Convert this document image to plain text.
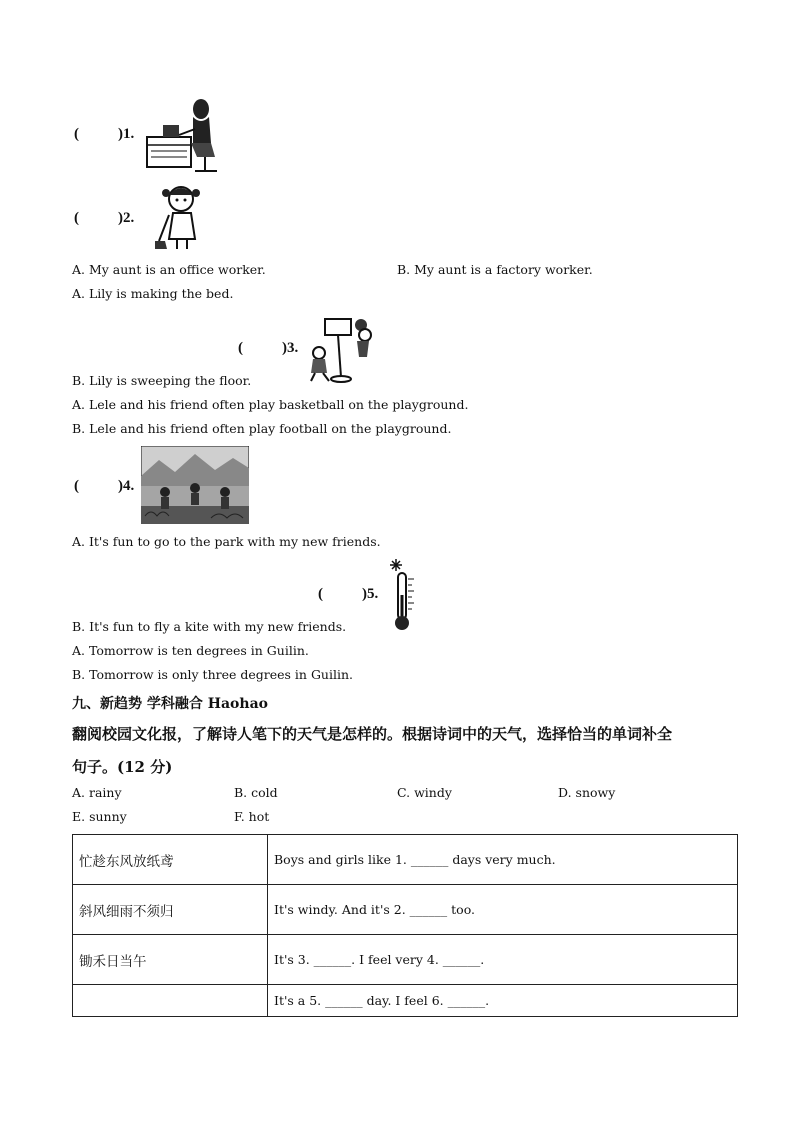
(	)1.
(	)2.
A. My aunt is an office worker.	B. My aunt is a factory worker.
A. Lily is making the bed.
(	)3.
B. Lily is sweeping the floor.
A. Lele and his friend often play basketball on the playground.
B. Lele and his friend often play football on the playground.
(	)4.
A. It's fun to go to the park with my new friends.
(	)5.
B. It's fun to fly a kite with my new friends.
A. Tomorrow is ten degrees in Guilin.
B. Tomorrow is only three degrees in Guilin.
九、新趋势 学科融合 Haohao
翻阅校园文化报，了解诗人笔下的天气是怎样的。根据诗词中的天气，选择恰当的单词补全
句子。(12 分)
A. rainy	B. cold	C. windy	D. snowy
E. sunny	F. hot
忙趁东风放纸鸢	Boys and girls like 1. ______ days very much.
斜风细雨不须归	It's windy. And it's 2. ______ too.
锄禾日当午	It's 3. ______. I feel very 4. ______.
	It's a 5. ______ day. I feel 6. ______.
